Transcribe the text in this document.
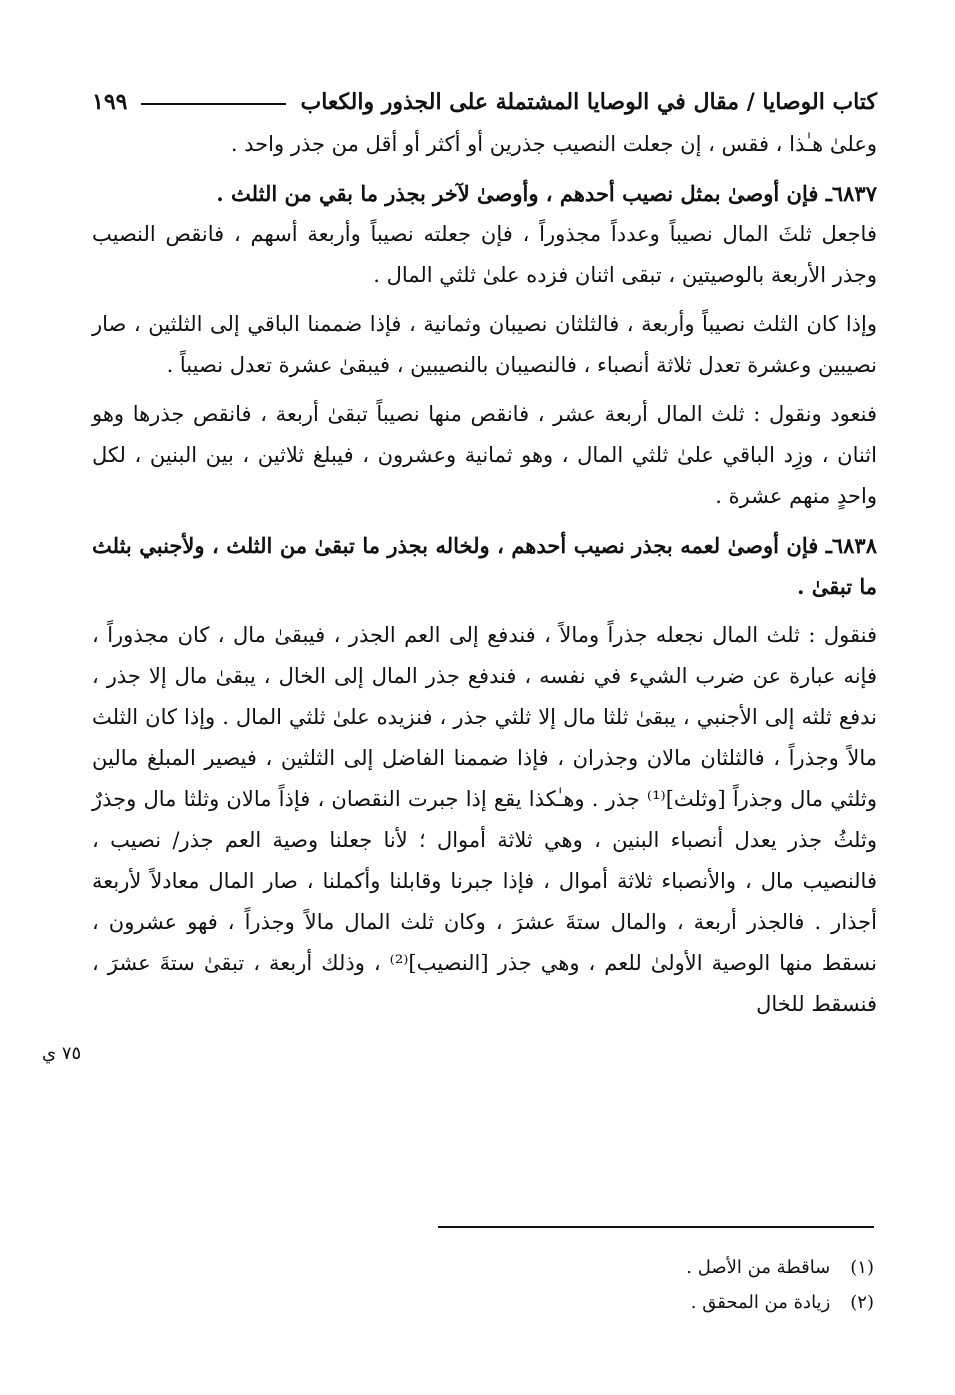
كتاب الوصايا / مقال في الوصايا المشتملة على الجذور والكعاب
١٩٩

وعلىٰ هـٰذا ، فقس ، إن جعلت النصيب جذرين أو أكثر أو أقل من جذر واحد .

٦٨٣٧ـ فإن أوصىٰ بمثل نصيب أحدهم ، وأوصىٰ لآخر بجذر ما بقي من الثلث .

فاجعل ثلثَ المال نصيباً وعدداً مجذوراً ، فإن جعلته نصيباً وأربعة أسهم ، فانقص النصيب وجذر الأربعة بالوصيتين ، تبقى اثنان فزده علىٰ ثلثي المال .

وإذا كان الثلث نصيباً وأربعة ، فالثلثان نصيبان وثمانية ، فإذا ضممنا الباقي إلى الثلثين ، صار نصيبين وعشرة تعدل ثلاثة أنصباء ، فالنصيبان بالنصيبين ، فيبقىٰ عشرة تعدل نصيباً .

فنعود ونقول : ثلث المال أربعة عشر ، فانقص منها نصيباً تبقىٰ أربعة ، فانقص جذرها وهو اثنان ، وزِد الباقي علىٰ ثلثي المال ، وهو ثمانية وعشرون ، فيبلغ ثلاثين ، بين البنين ، لكل واحدٍ منهم عشرة .

٦٨٣٨ـ فإن أوصىٰ لعمه بجذر نصيب أحدهم ، ولخاله بجذر ما تبقىٰ من الثلث ، ولأجنبي بثلث ما تبقىٰ .

فنقول : ثلث المال نجعله جذراً ومالاً ، فندفع إلى العم الجذر ، فيبقىٰ مال ، كان مجذوراً ، فإنه عبارة عن ضرب الشيء في نفسه ، فندفع جذر المال إلى الخال ، يبقىٰ مال إلا جذر ، ندفع ثلثه إلى الأجنبي ، يبقىٰ ثلثا مال إلا ثلثي جذر ، فنزيده علىٰ ثلثي المال . وإذا كان الثلث مالاً وجذراً ، فالثلثان مالان وجذران ، فإذا ضممنا الفاضل إلى الثلثين ، فيصير المبلغ مالين وثلثي مال وجذراً [وثلث]⁽¹⁾ جذر . وهـٰكذا يقع إذا جبرت النقصان ، فإذاً مالان وثلثا مال وجذرٌ وثلثُ جذر يعدل أنصباء البنين ، وهي ثلاثة أموال ؛ لأنا جعلنا وصية العم جذر/ نصيب ، فالنصيب مال ، والأنصباء ثلاثة أموال ، فإذا جبرنا وقابلنا وأكملنا ، صار المال معادلاً لأربعة أجذار . فالجذر أربعة ، والمال ستةَ عشرَ ، وكان ثلث المال مالاً وجذراً ، فهو عشرون ، نسقط منها الوصية الأولىٰ للعم ، وهي جذر [النصيب]⁽²⁾ ، وذلك أربعة ، تبقىٰ ستةَ عشرَ ، فنسقط للخال

٧٥ ي
(١) ساقطة من الأصل .
(٢) زيادة من المحقق .
